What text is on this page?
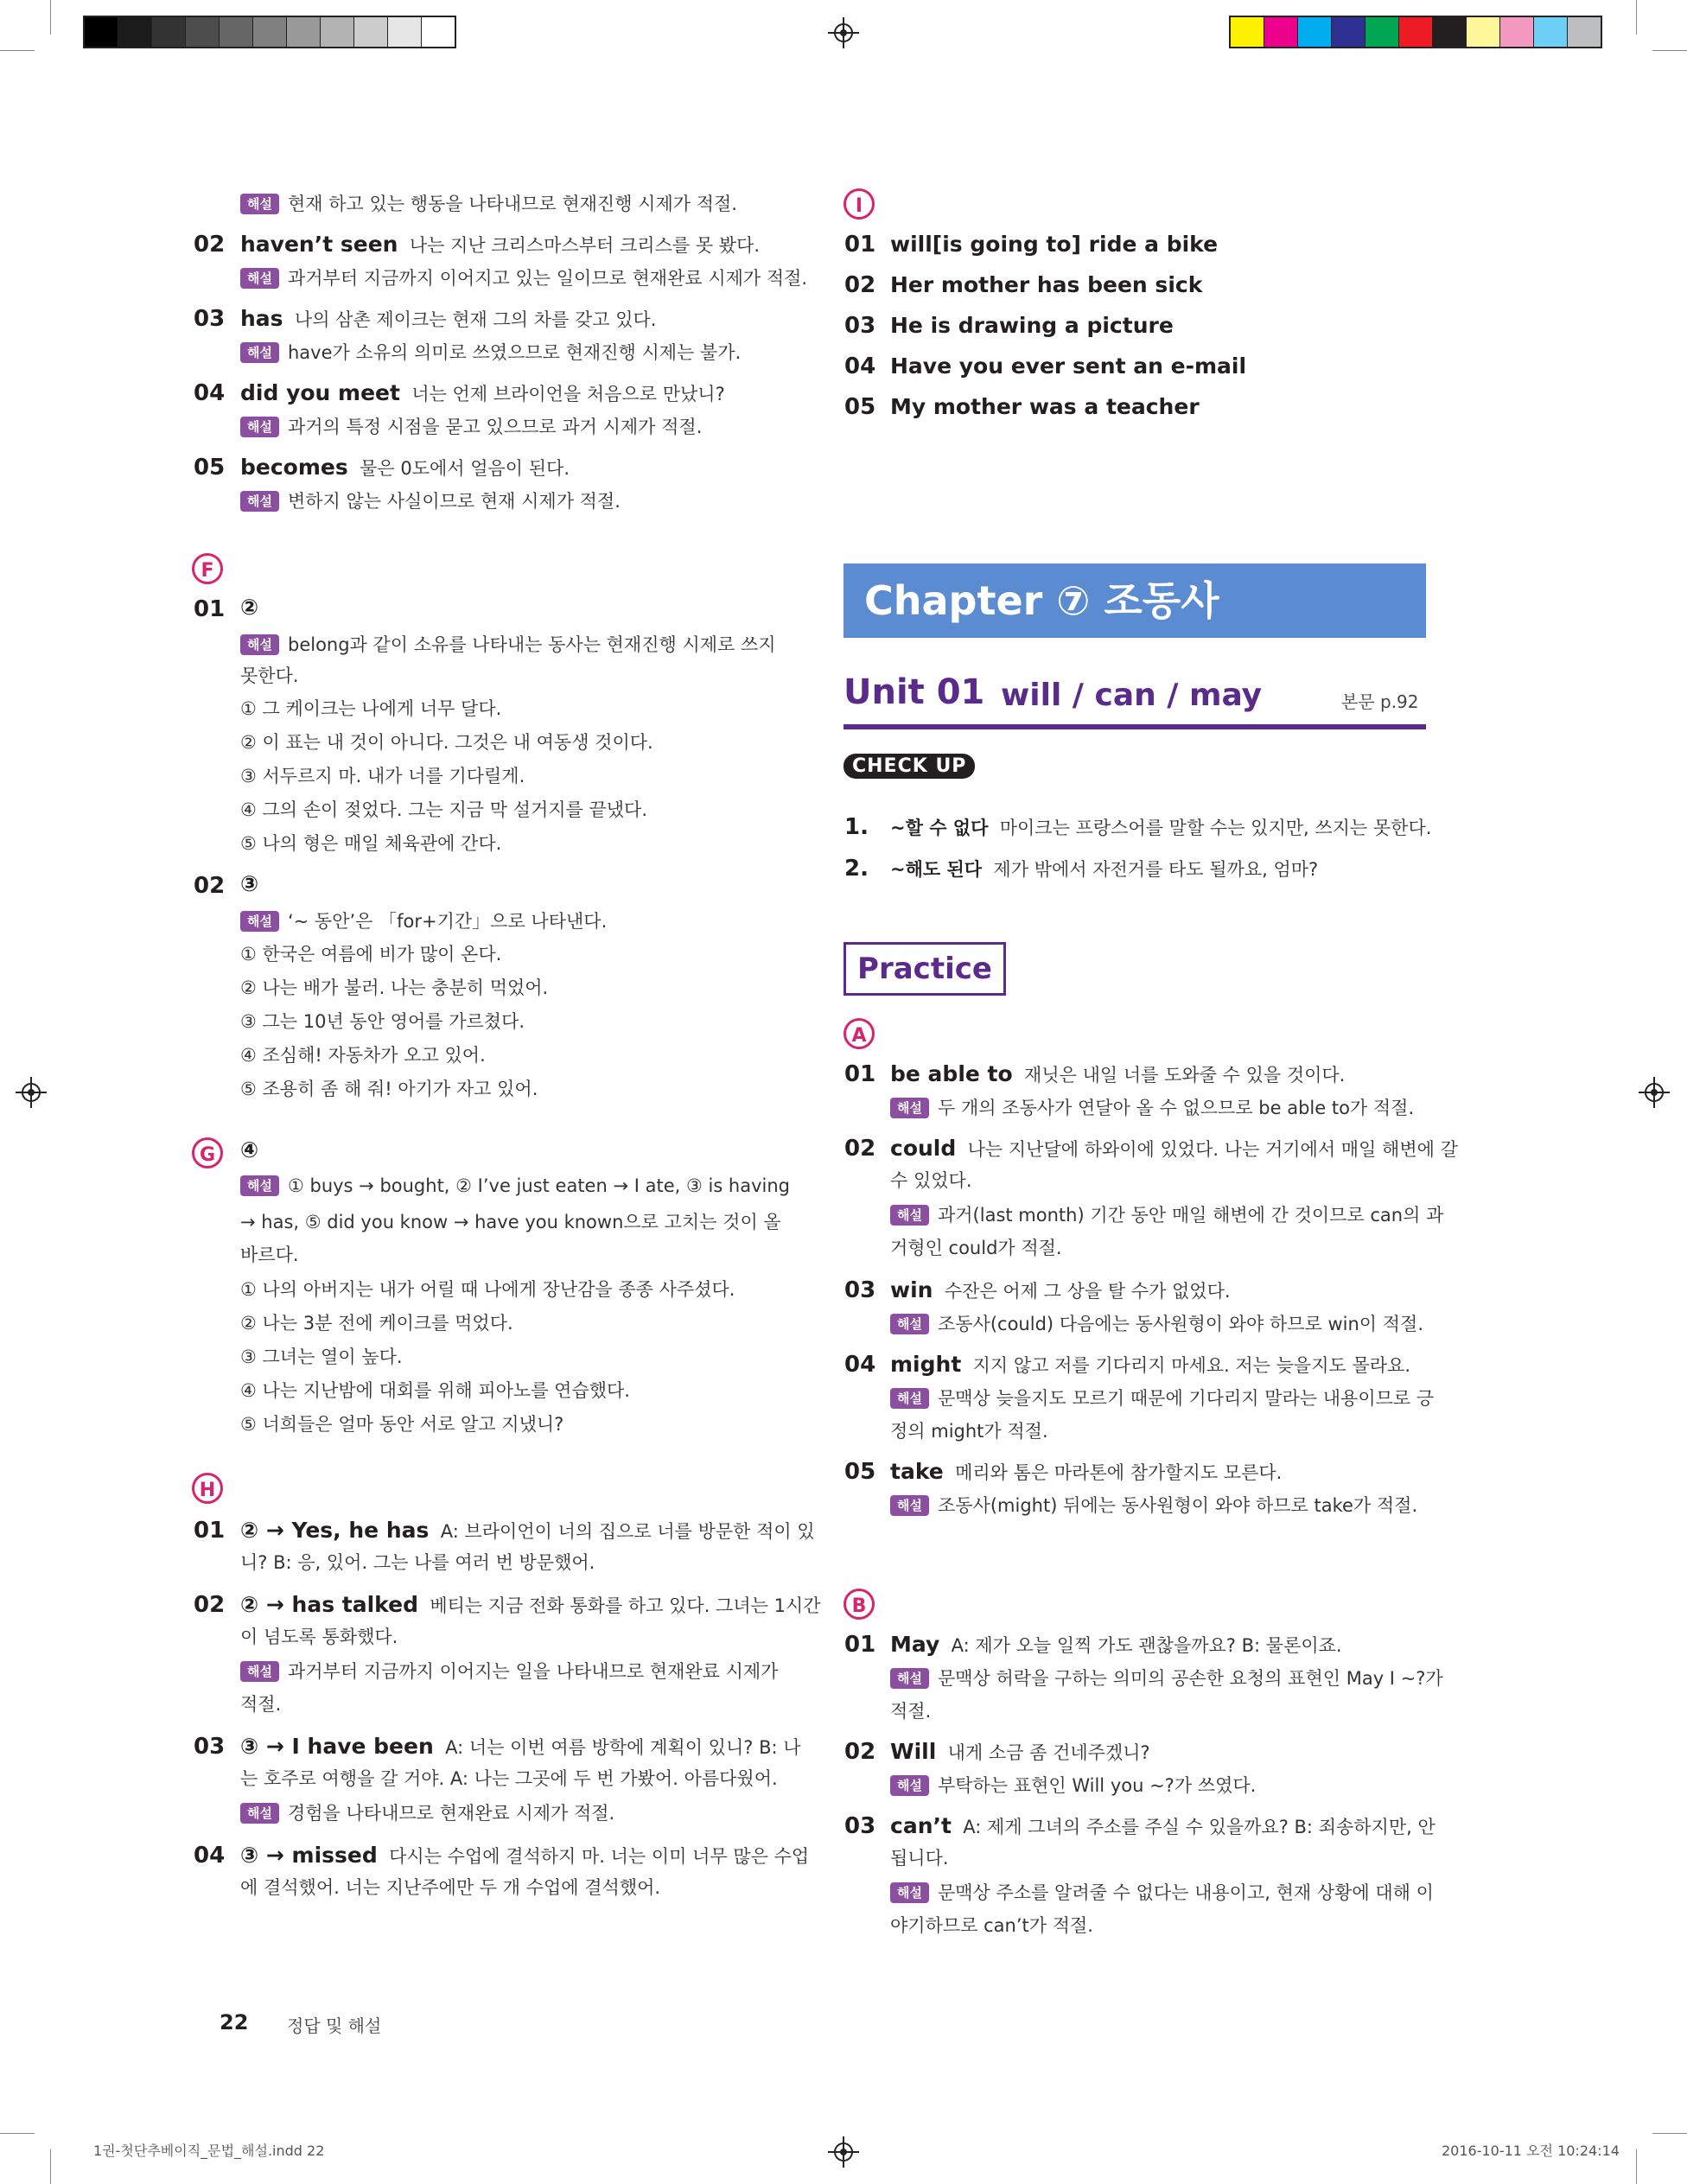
해설 현재 하고 있는 행동을 나타내므로 현재진행 시제가 적절.
02 haven’t seen 나는 지난 크리스마스부터 크리스를 못 봤다.
해설 과거부터 지금까지 이어지고 있는 일이므로 현재완료 시제가 적절.
03 has 나의 삼촌 제이크는 현재 그의 차를 갖고 있다.
해설 have가 소유의 의미로 쓰였으므로 현재진행 시제는 불가.
04 did you meet 너는 언제 브라이언을 처음으로 만났니?
해설 과거의 특정 시점을 묻고 있으므로 과거 시제가 적절.
05 becomes 물은 0도에서 얼음이 된다.
해설 변하지 않는 사실이므로 현재 시제가 적절.
F
01 ②
해설 belong과 같이 소유를 나타내는 동사는 현재진행 시제로 쓰지
못한다.
① 그 케이크는 나에게 너무 달다.
② 이 표는 내 것이 아니다. 그것은 내 여동생 것이다.
③ 서두르지 마. 내가 너를 기다릴게.
④ 그의 손이 젖었다. 그는 지금 막 설거지를 끝냈다.
⑤ 나의 형은 매일 체육관에 간다.
02 ③
해설 ‘~ 동안’은 「for+기간」으로 나타낸다.
① 한국은 여름에 비가 많이 온다.
② 나는 배가 불러. 나는 충분히 먹었어.
③ 그는 10년 동안 영어를 가르쳤다.
④ 조심해! 자동차가 오고 있어.
⑤ 조용히 좀 해 줘! 아기가 자고 있어.
G	④
해설 ① buys → bought, ② I’ve just eaten → I ate, ③ is having
→ has, ⑤ did you know → have you known으로 고치는 것이 올
바르다.
① 나의 아버지는 내가 어릴 때 나에게 장난감을 종종 사주셨다.
② 나는 3분 전에 케이크를 먹었다.
③ 그녀는 열이 높다.
④ 나는 지난밤에 대회를 위해 피아노를 연습했다.
⑤ 너희들은 얼마 동안 서로 알고 지냈니?
H
01 ② → Yes, he has A: 브라이언이 너의 집으로 너를 방문한 적이 있
니? B: 응, 있어. 그는 나를 여러 번 방문했어.
02 ② → has talked 베티는 지금 전화 통화를 하고 있다. 그녀는 1시간
이 넘도록 통화했다.
해설 과거부터 지금까지 이어지는 일을 나타내므로 현재완료 시제가
적절.
03 ③ → I have been A: 너는 이번 여름 방학에 계획이 있니? B: 나
는 호주로 여행을 갈 거야. A: 나는 그곳에 두 번 가봤어. 아름다웠어.
해설 경험을 나타내므로 현재완료 시제가 적절.
04 ③ → missed 다시는 수업에 결석하지 마. 너는 이미 너무 많은 수업
에 결석했어. 너는 지난주에만 두 개 수업에 결석했어.
22 정답 및 해설
I
01 will[is going to] ride a bike
02 Her mother has been sick
03 He is drawing a picture
04 Have you ever sent an e-mail
05 My mother was a teacher
Chapter ⑦ 조동사
Unit 01 will / can / may	본문 p.92
CHECK UP
1. ~할 수 없다 마이크는 프랑스어를 말할 수는 있지만, 쓰지는 못한다.
2. ~해도 된다 제가 밖에서 자전거를 타도 될까요, 엄마?
Practice
A
01 be able to 재닛은 내일 너를 도와줄 수 있을 것이다.
해설 두 개의 조동사가 연달아 올 수 없으므로 be able to가 적절.
02 could 나는 지난달에 하와이에 있었다. 나는 거기에서 매일 해변에 갈
수 있었다.
해설 과거(last month) 기간 동안 매일 해변에 간 것이므로 can의 과
거형인 could가 적절.
03 win 수잔은 어제 그 상을 탈 수가 없었다.
해설 조동사(could) 다음에는 동사원형이 와야 하므로 win이 적절.
04 might 지지 않고 저를 기다리지 마세요. 저는 늦을지도 몰라요.
해설 문맥상 늦을지도 모르기 때문에 기다리지 말라는 내용이므로 긍
정의 might가 적절.
05 take 메리와 톰은 마라톤에 참가할지도 모른다.
해설 조동사(might) 뒤에는 동사원형이 와야 하므로 take가 적절.
B
01 May A: 제가 오늘 일찍 가도 괜찮을까요? B: 물론이죠.
해설 문맥상 허락을 구하는 의미의 공손한 요청의 표현인 May I ~?가
적절.
02 Will 내게 소금 좀 건네주겠니?
해설 부탁하는 표현인 Will you ~?가 쓰였다.
03 can’t A: 제게 그녀의 주소를 주실 수 있을까요? B: 죄송하지만, 안
됩니다.
해설 문맥상 주소를 알려줄 수 없다는 내용이고, 현재 상황에 대해 이
야기하므로 can’t가 적절.
1권-첫단추베이직_문법_해설.indd 22	2016-10-11 오전 10:24:14
